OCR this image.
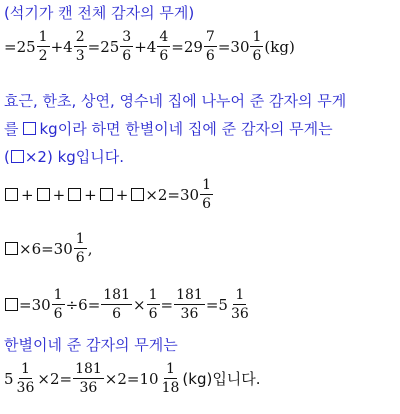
(석기가 캔 전체 감자의 무게)
$=25 \frac{1}{2} +4 \frac{2}{3} =25 \frac{3}{6} +4 \frac{4}{6} =29 \frac{7}{6} =30 \frac{1}{6} (kg)$
효근, 한초, 상연, 영수네 집에 나누어 준 감자의 무게
를 kg이라 하면 한별이네 집에 준 감자의 무게는
( ×2) kg입니다.
+ + + + $\times 2=30 \frac{1}{6}$
$\times 6=30 \frac{1}{6}$ ,
$=30 \frac{1}{6} \div 6= \frac{181}{6} \times \frac{1}{6} = \frac{181}{36} =5 \frac{1}{36}$
한별이네 준 감자의 무게는
$5 \frac{1}{36} \times 2= \frac{181}{36} \times 2=10 \frac{1}{18} (kg)$입니다.
